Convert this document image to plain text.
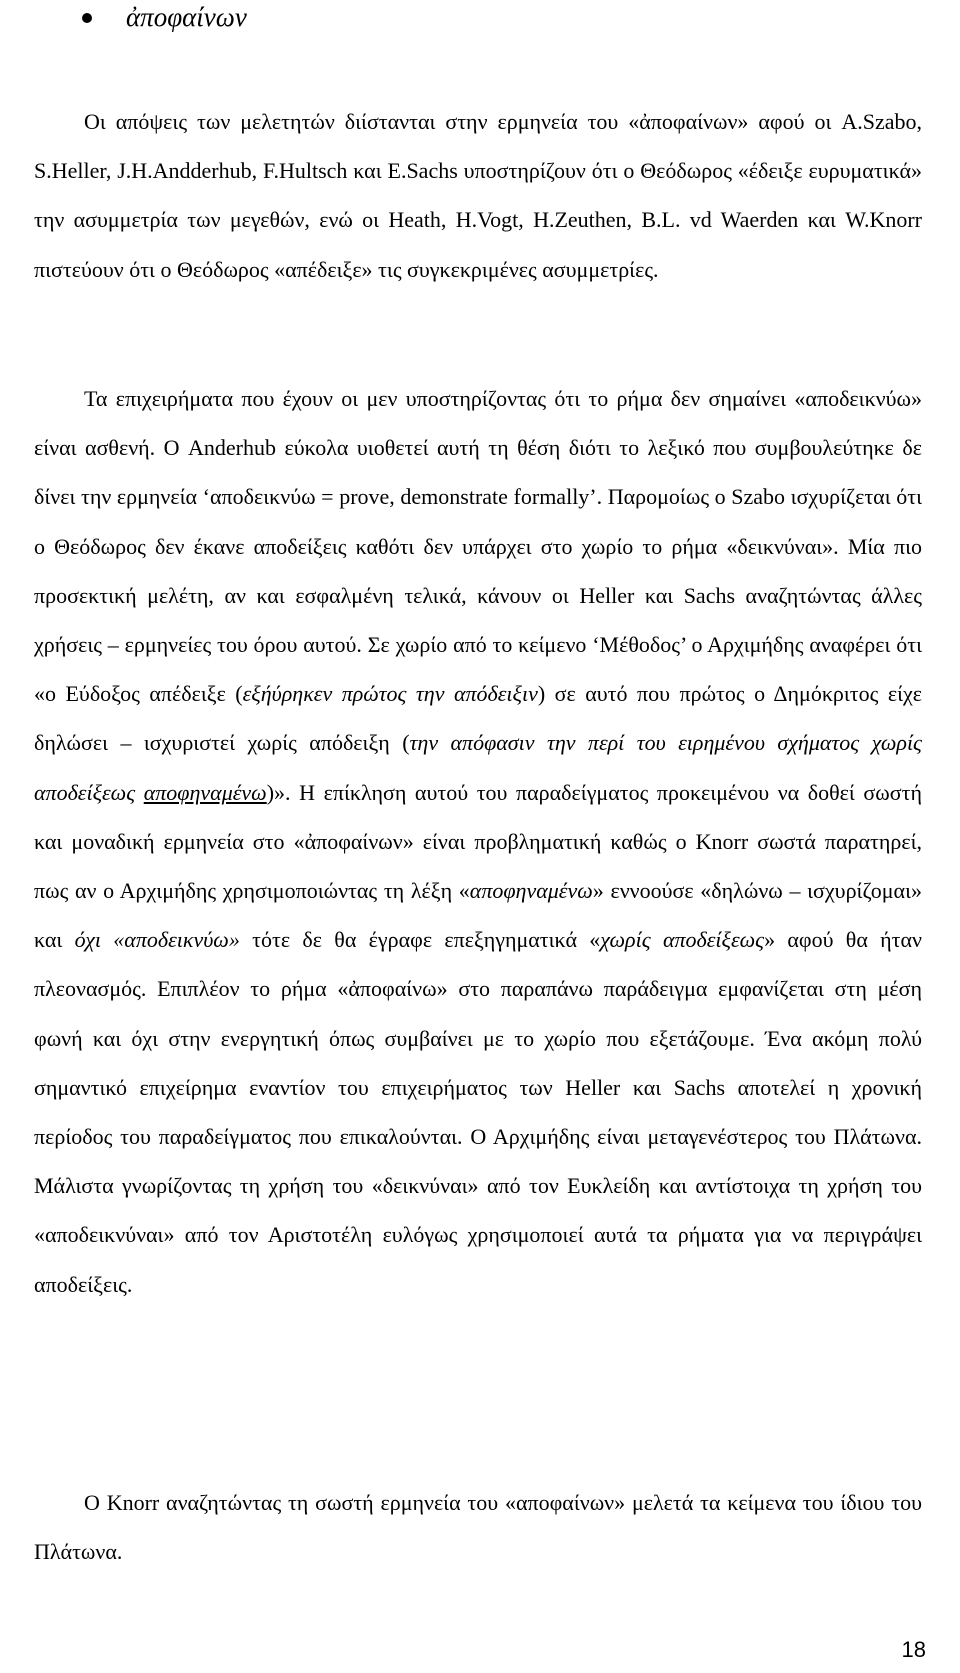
ἀποφαίνων

Οι απόψεις των μελετητών διίστανται στην ερμηνεία του «ἀποφαίνων» αφού οι A.Szabo, S.Heller, J.H.Andderhub, F.Hultsch και E.Sachs υποστηρίζουν ότι ο Θεόδωρος «έδειξε ευρυματικά» την ασυμμετρία των μεγεθών, ενώ οι Heath, H.Vogt, H.Zeuthen, B.L. vd Waerden και W.Knorr πιστεύουν ότι ο Θεόδωρος «απέδειξε» τις συγκεκριμένες ασυμμετρίες.

Τα επιχειρήματα που έχουν οι μεν υποστηρίζοντας ότι το ρήμα δεν σημαίνει «αποδεικνύω» είναι ασθενή. Ο Anderhub εύκολα υιοθετεί αυτή τη θέση διότι το λεξικό που συμβουλεύτηκε δε δίνει την ερμηνεία ‘αποδεικνύω = prove, demonstrate formally’. Παρομοίως ο Szabo ισχυρίζεται ότι ο Θεόδωρος δεν έκανε αποδείξεις καθότι δεν υπάρχει στο χωρίο το ρήμα «δεικνύναι». Μία πιο προσεκτική μελέτη, αν και εσφαλμένη τελικά, κάνουν οι Heller και Sachs αναζητώντας άλλες χρήσεις – ερμηνείες του όρου αυτού. Σε χωρίο από το κείμενο ‘Μέθοδος’ ο Αρχιμήδης αναφέρει ότι «ο Εύδοξος απέδειξε (εξήύρηκεν πρώτος την απόδειξιν) σε αυτό που πρώτος ο Δημόκριτος είχε δηλώσει – ισχυριστεί χωρίς απόδειξη (την απόφασιν την περί του ειρημένου σχήματος χωρίς αποδείξεως αποφηναμένω)». Η επίκληση αυτού του παραδείγματος προκειμένου να δοθεί σωστή και μοναδική ερμηνεία στο «ἀποφαίνων» είναι προβληματική καθώς ο Knorr σωστά παρατηρεί, πως αν ο Αρχιμήδης χρησιμοποιώντας τη λέξη «αποφηναμένω» εννοούσε «δηλώνω – ισχυρίζομαι» και όχι «αποδεικνύω» τότε δε θα έγραφε επεξηγηματικά «χωρίς αποδείξεως» αφού θα ήταν πλεονασμός. Επιπλέον το ρήμα «ἀποφαίνω» στο παραπάνω παράδειγμα εμφανίζεται στη μέση φωνή και όχι στην ενεργητική όπως συμβαίνει με το χωρίο που εξετάζουμε. Ένα ακόμη πολύ σημαντικό επιχείρημα εναντίον του επιχειρήματος των Heller και Sachs αποτελεί η χρονική περίοδος του παραδείγματος που επικαλούνται. Ο Αρχιμήδης είναι μεταγενέστερος του Πλάτωνα. Μάλιστα γνωρίζοντας τη χρήση του «δεικνύναι» από τον Ευκλείδη και αντίστοιχα τη χρήση του «αποδεικνύναι» από τον Αριστοτέλη ευλόγως χρησιμοποιεί αυτά τα ρήματα για να περιγράψει αποδείξεις.

Ο Knorr αναζητώντας τη σωστή ερμηνεία του «αποφαίνων» μελετά τα κείμενα του ίδιου του Πλάτωνα.

18
